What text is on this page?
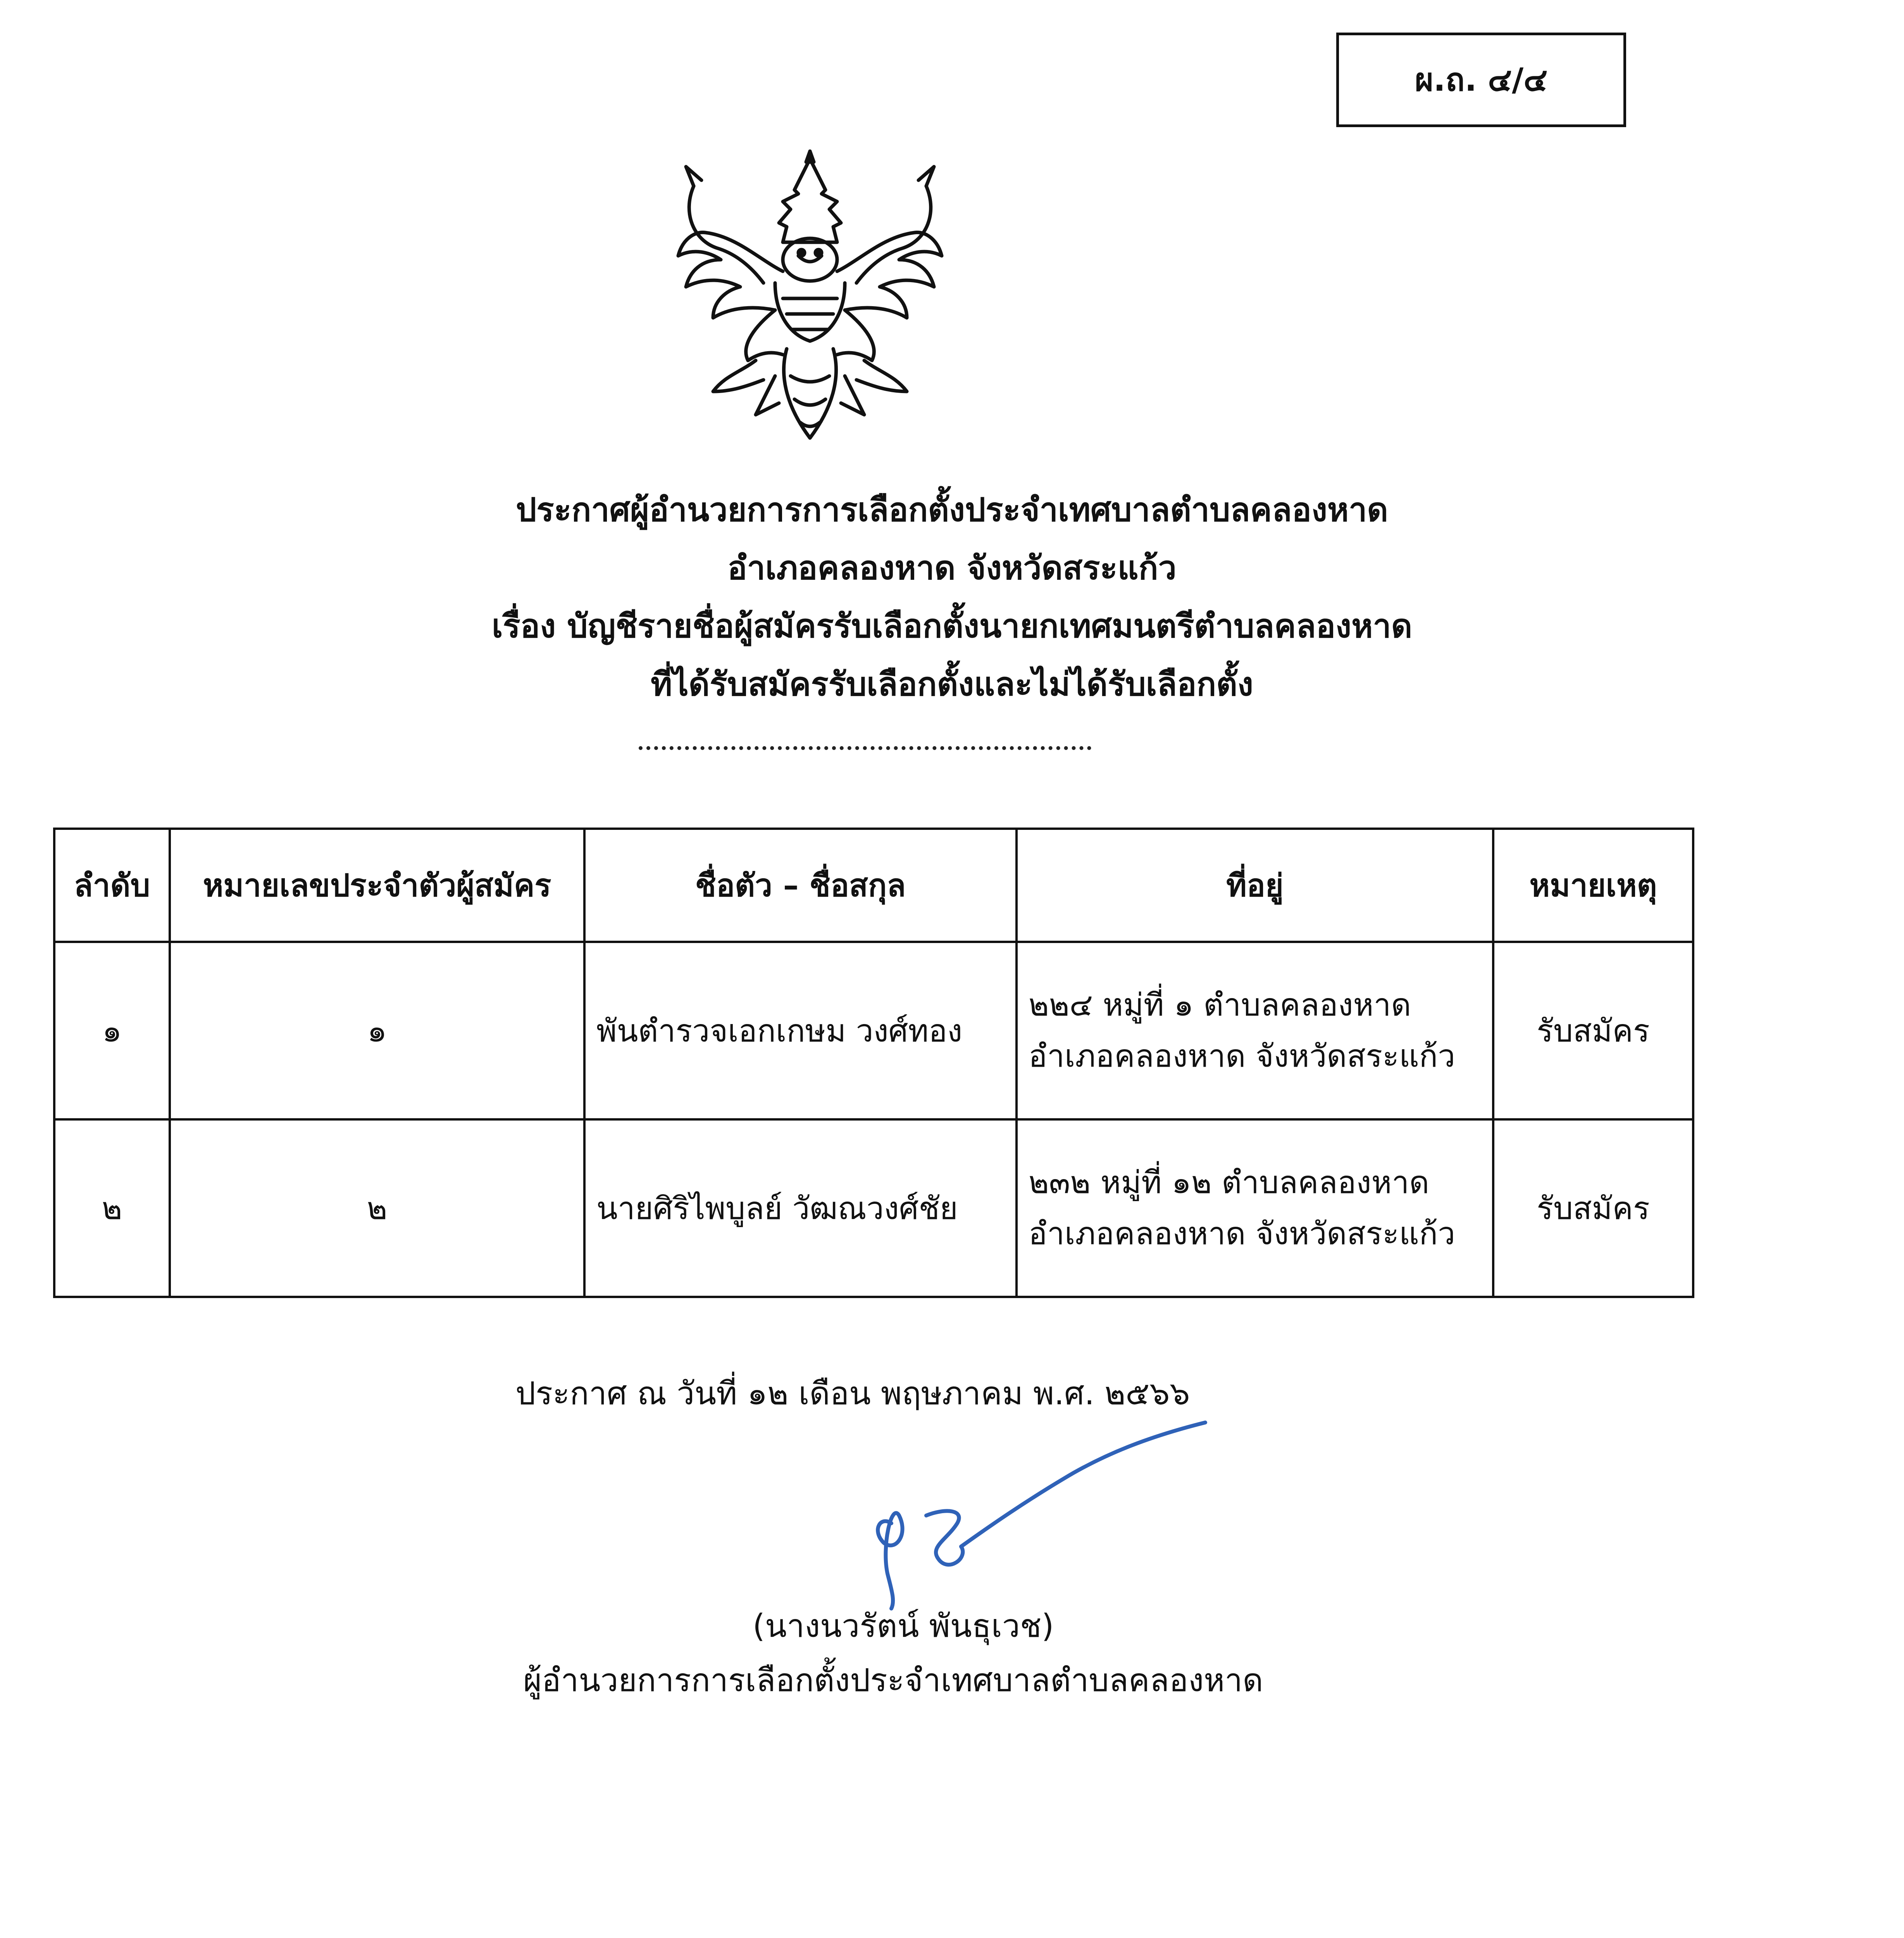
ผ.ถ. ๔/๔
ประกาศผู้อำนวยการการเลือกตั้งประจำเทศบาลตำบลคลองหาด
อำเภอคลองหาด จังหวัดสระแก้ว
เรื่อง บัญชีรายชื่อผู้สมัครรับเลือกตั้งนายกเทศมนตรีตำบลคลองหาด
ที่ได้รับสมัครรับเลือกตั้งและไม่ได้รับเลือกตั้ง
ลำดับ	หมายเลขประจำตัวผู้สมัคร	ชื่อตัว – ชื่อสกุล	ที่อยู่	หมายเหตุ
๑	๑	พันตำรวจเอกเกษม วงศ์ทอง	๒๒๔ หมู่ที่ ๑ ตำบลคลองหาด
อำเภอคลองหาด จังหวัดสระแก้ว	รับสมัคร
๒	๒	นายศิริไพบูลย์ วัฒณวงศ์ชัย	๒๓๒ หมู่ที่ ๑๒ ตำบลคลองหาด
อำเภอคลองหาด จังหวัดสระแก้ว	รับสมัคร
ประกาศ ณ วันที่ ๑๒ เดือน พฤษภาคม พ.ศ. ๒๕๖๖
(นางนวรัตน์ พันธุเวช)
ผู้อำนวยการการเลือกตั้งประจำเทศบาลตำบลคลองหาด
